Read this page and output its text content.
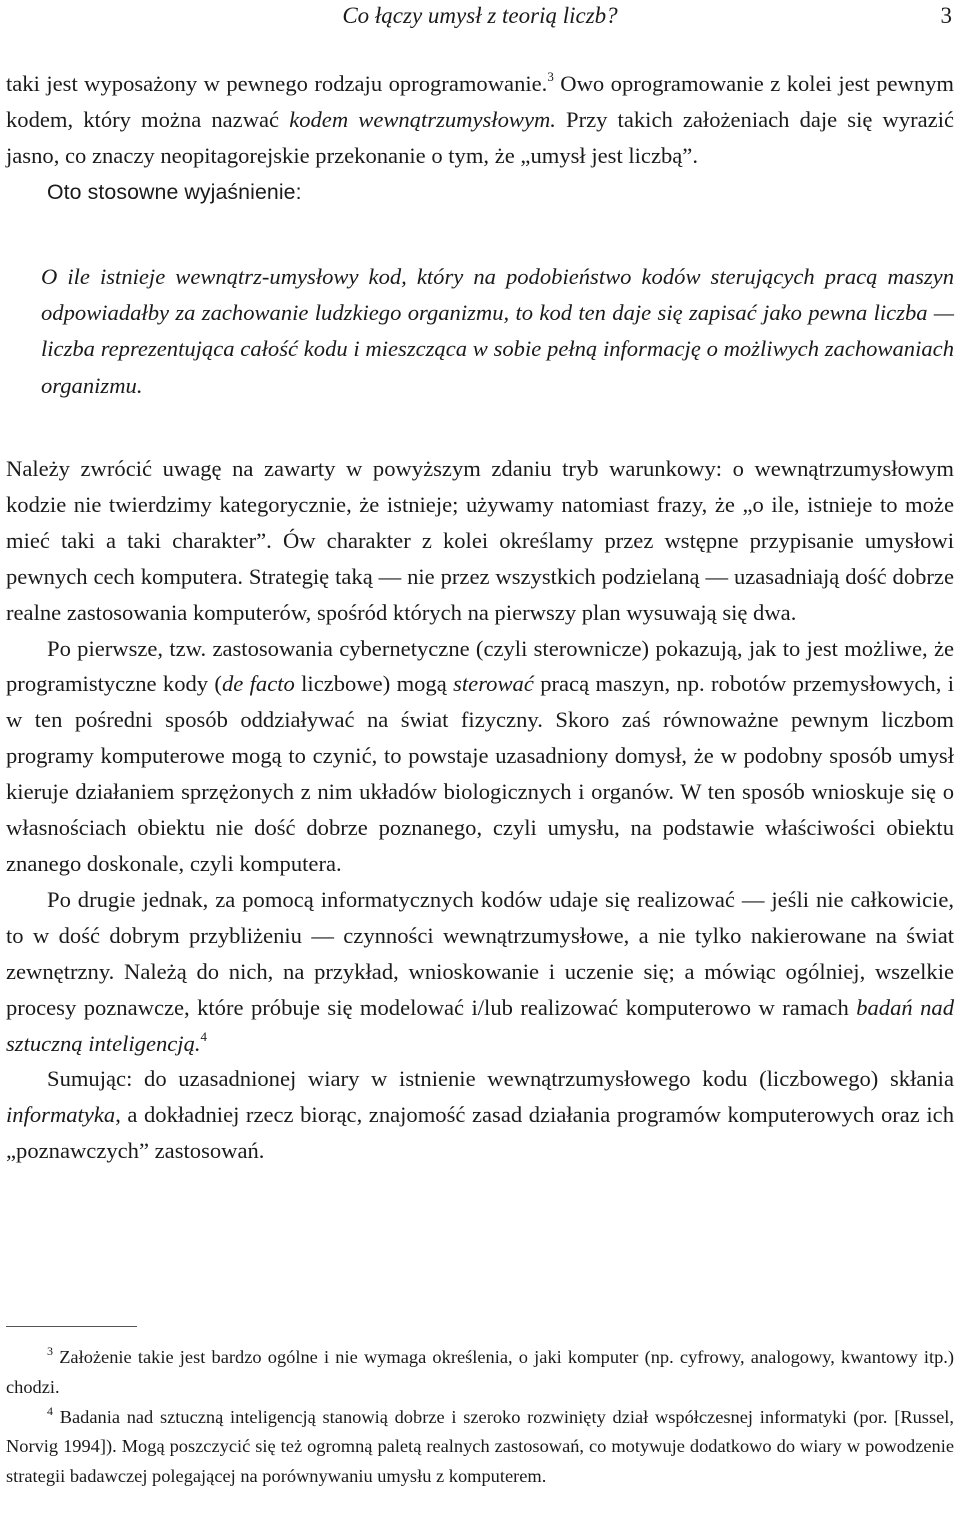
Co łączy umysł z teorią liczb?	3

taki jest wyposażony w pewnego rodzaju oprogramowanie.$^3$ Owo oprogramowanie z kolei jest pewnym kodem, który można nazwać kodem wewnątrzumysłowym. Przy takich założeniach daje się wyrazić jasno, co znaczy neopitagorejskie przekonanie o tym, że „umysł jest liczbą”.

Oto stosowne wyjaśnienie:

O ile istnieje wewnątrz-umysłowy kod, który na podobieństwo kodów sterujących pracą maszyn odpowiadałby za zachowanie ludzkiego organizmu, to kod ten daje się zapisać jako pewna liczba — liczba reprezentująca całość kodu i mieszcząca w sobie pełną informację o możliwych zachowaniach organizmu.

Należy zwrócić uwagę na zawarty w powyższym zdaniu tryb warunkowy: o wewnątrzumysłowym kodzie nie twierdzimy kategorycznie, że istnieje; używamy natomiast frazy, że „o ile, istnieje to może mieć taki a taki charakter”. Ów charakter z kolei określamy przez wstępne przypisanie umysłowi pewnych cech komputera. Strategię taką — nie przez wszystkich podzielaną — uzasadniają dość dobrze realne zastosowania komputerów, spośród których na pierwszy plan wysuwają się dwa.

Po pierwsze, tzw. zastosowania cybernetyczne (czyli sterownicze) pokazują, jak to jest możliwe, że programistyczne kody (de facto liczbowe) mogą sterować pracą maszyn, np. robotów przemysłowych, i w ten pośredni sposób oddziaływać na świat fizyczny. Skoro zaś równoważne pewnym liczbom programy komputerowe mogą to czynić, to powstaje uzasadniony domysł, że w podobny sposób umysł kieruje działaniem sprzężonych z nim układów biologicznych i organów. W ten sposób wnioskuje się o własnościach obiektu nie dość dobrze poznanego, czyli umysłu, na podstawie właściwości obiektu znanego doskonale, czyli komputera.

Po drugie jednak, za pomocą informatycznych kodów udaje się realizować — jeśli nie całkowicie, to w dość dobrym przybliżeniu — czynności wewnątrzumysłowe, a nie tylko nakierowane na świat zewnętrzny. Należą do nich, na przykład, wnioskowanie i uczenie się; a mówiąc ogólniej, wszelkie procesy poznawcze, które próbuje się modelować i/lub realizować komputerowo w ramach badań nad sztuczną inteligencją.$^4$

Sumując: do uzasadnionej wiary w istnienie wewnątrzumysłowego kodu (liczbowego) skłania informatyka, a dokładniej rzecz biorąc, znajomość zasad działania programów komputerowych oraz ich „poznawczych” zastosowań.

$^3$ Założenie takie jest bardzo ogólne i nie wymaga określenia, o jaki komputer (np. cyfrowy, analogowy, kwantowy itp.) chodzi.

$^4$ Badania nad sztuczną inteligencją stanowią dobrze i szeroko rozwinięty dział współczesnej informatyki (por. [Russel, Norvig 1994]). Mogą poszczycić się też ogromną paletą realnych zastosowań, co motywuje dodatkowo do wiary w powodzenie strategii badawczej polegającej na porównywaniu umysłu z komputerem.
